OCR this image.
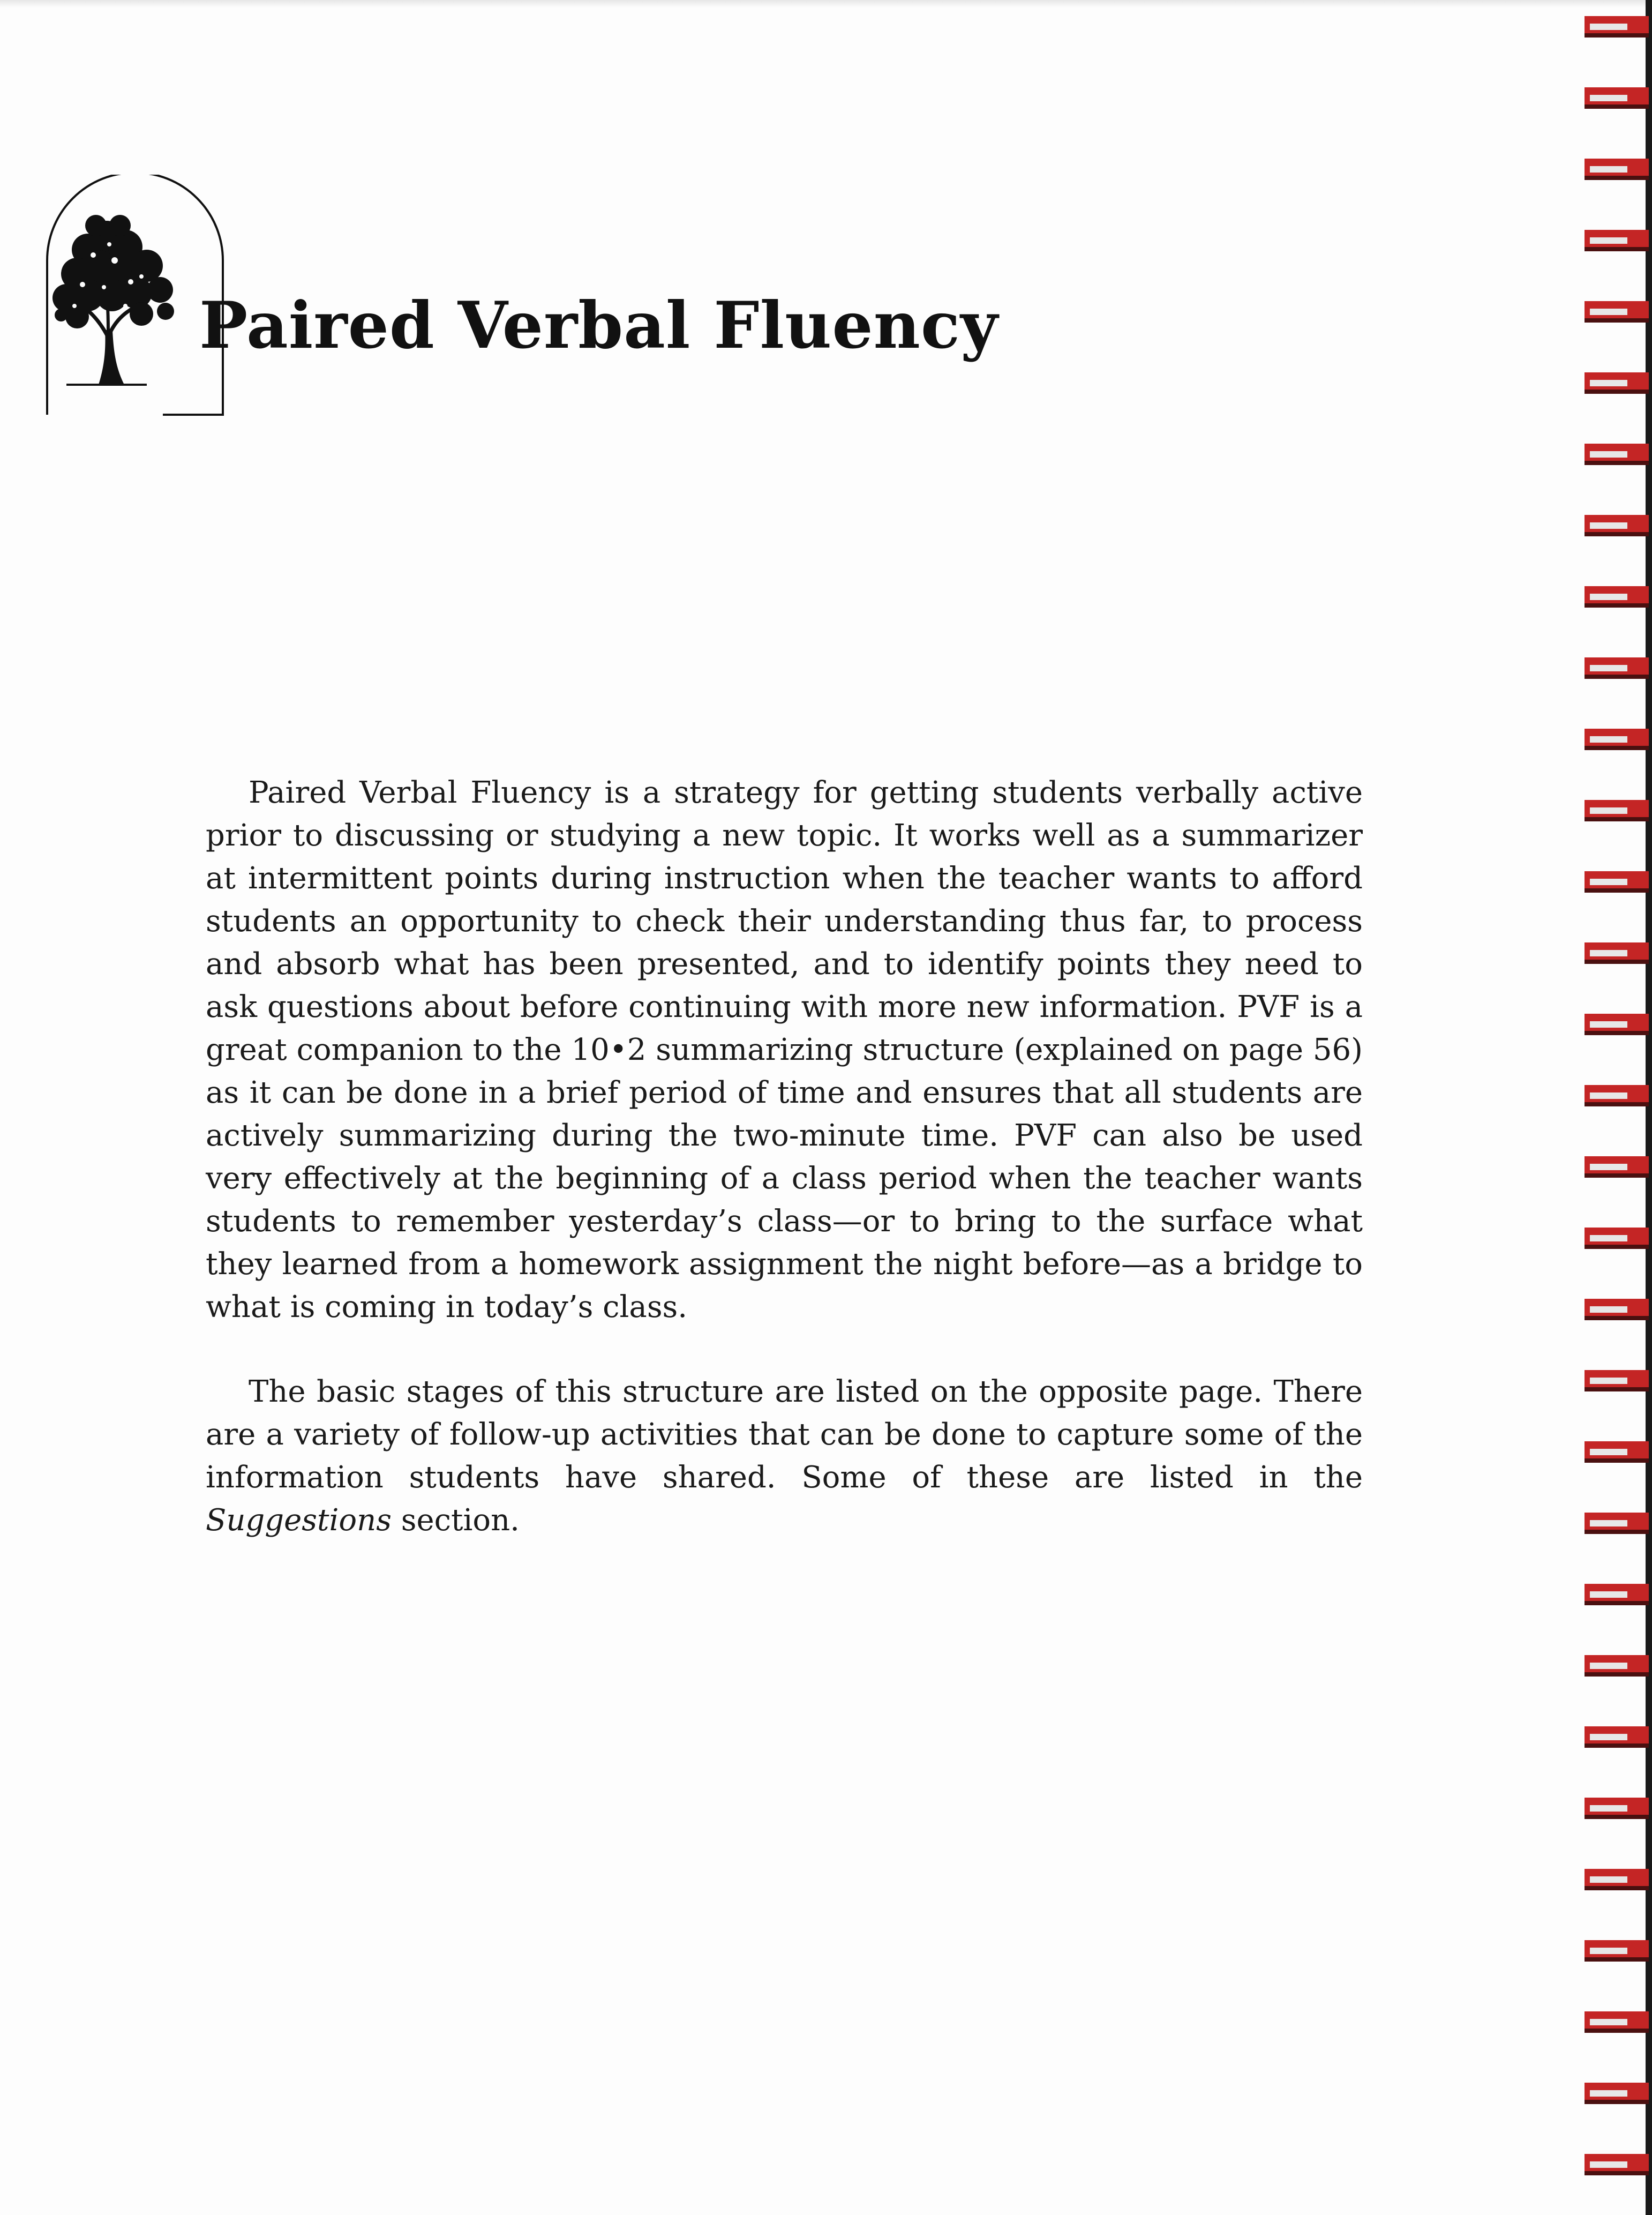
Paired Verbal Fluency

Paired Verbal Fluency is a strategy for getting students verbally active prior to discussing or studying a new topic. It works well as a summarizer at intermittent points during instruction when the teacher wants to afford students an opportunity to check their understanding thus far, to process and absorb what has been presented, and to identify points they need to ask questions about before continuing with more new information. PVF is a great companion to the 10•2 summarizing structure (explained on page 56) as it can be done in a brief period of time and ensures that all students are actively summarizing during the two-minute time. PVF can also be used very effectively at the beginning of a class period when the teacher wants students to remember yesterday’s class—or to bring to the surface what they learned from a homework assignment the night before—as a bridge to what is coming in today’s class.

The basic stages of this structure are listed on the opposite page. There are a variety of follow-up activities that can be done to capture some of the information students have shared. Some of these are listed in the Suggestions section.
